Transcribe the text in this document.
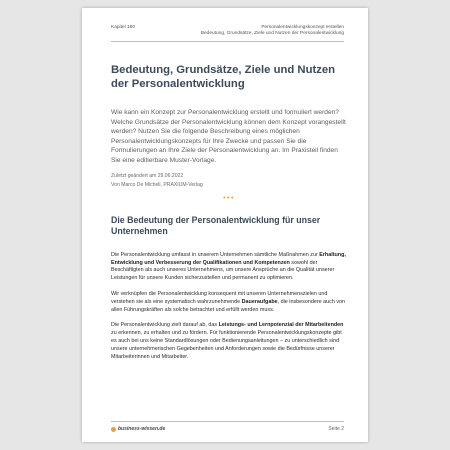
Kapitel 180	Personalentwicklungskonzept erstellen
Bedeutung, Grundsätze, Ziele und Nutzen der Personalentwicklung
Bedeutung, Grundsätze, Ziele und Nutzen der Personalentwicklung

Wie kann ein Konzept zur Personalentwicklung erstellt und formuliert werden? Welche Grundsätze der Personalentwicklung können dem Konzept vorangestellt werden? Nutzen Sie die folgende Beschreibung eines möglichen Personalentwicklungskonzepts für Ihre Zwecke und passen Sie die Formulierungen an Ihre Ziele der Personalentwicklung an. Im Praxisteil finden Sie eine editierbare Muster-Vorlage.

Zuletzt geändert am 29.06.2022
Von Marco De Micheli, PRAXIUM-Verlag

•••
Die Bedeutung der Personalentwicklung für unser Unternehmen

Die Personalentwicklung umfasst in unserem Unternehmen sämtliche Maßnahmen zur Erhaltung, Entwicklung und Verbesserung der Qualifikationen und Kompetenzen sowohl der Beschäftigten als auch unseres Unternehmens, um unsere Ansprüche an die Qualität unserer Leistungen für unsere Kunden sicherzustellen und permanent zu optimieren.

Wir verknüpfen die Personalentwicklung konsequent mit unseren Unternehmenszielen und verstehen sie als eine systematisch wahrzunehmende Daueraufgabe, die insbesondere auch von allen Führungskräften als solche betrachtet und erfüllt werden muss.

Die Personalentwicklung zielt darauf ab, das Leistungs- und Lernpotenzial der Mitarbeitenden zu erkennen, zu erhalten und zu fördern. Für funktionierende Personalentwicklungskonzepte gibt es auch bei uns keine Standardlösungen oder Bedienungsanleitungen – zu unterschiedlich sind unsere unternehmerischen Gegebenheiten und Anforderungen sowie die Bedürfnisse unserer Mitarbeiterinnen und Mitarbeiter.

business-wissen.de	Seite 2
